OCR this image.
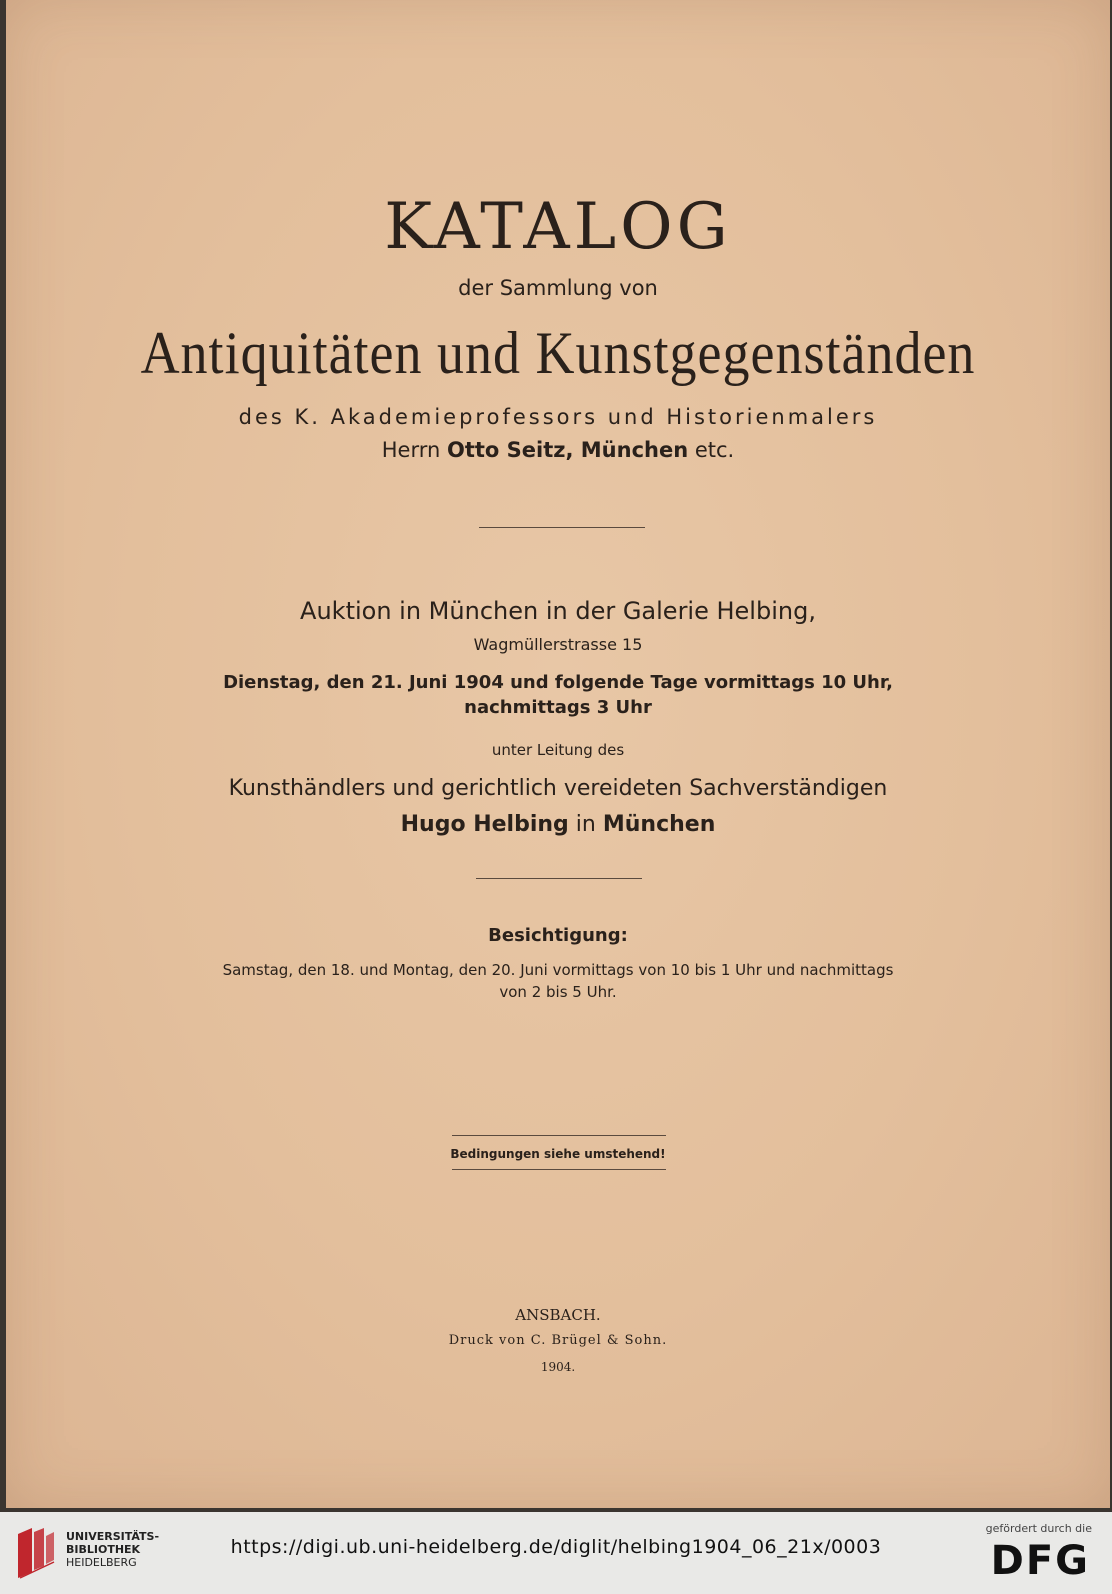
KATALOG
der Sammlung von
Antiquitäten und Kunstgegenständen
des K. Akademieprofessors und Historienmalers
Herrn Otto Seitz, München etc.
Auktion in München in der Galerie Helbing,
Wagmüllerstrasse 15
Dienstag, den 21. Juni 1904 und folgende Tage vormittags 10 Uhr,
nachmittags 3 Uhr
unter Leitung des
Kunsthändlers und gerichtlich vereideten Sachverständigen
Hugo Helbing in München
Besichtigung:
Samstag, den 18. und Montag, den 20. Juni vormittags von 10 bis 1 Uhr und nachmittags
von 2 bis 5 Uhr.
Bedingungen siehe umstehend!
ANSBACH.
Druck von C. Brügel & Sohn.
1904.
UNIVERSITÄTS-
BIBLIOTHEK
HEIDELBERG
https://digi.ub.uni-heidelberg.de/diglit/helbing1904_06_21x/0003
gefördert durch die
DFG
